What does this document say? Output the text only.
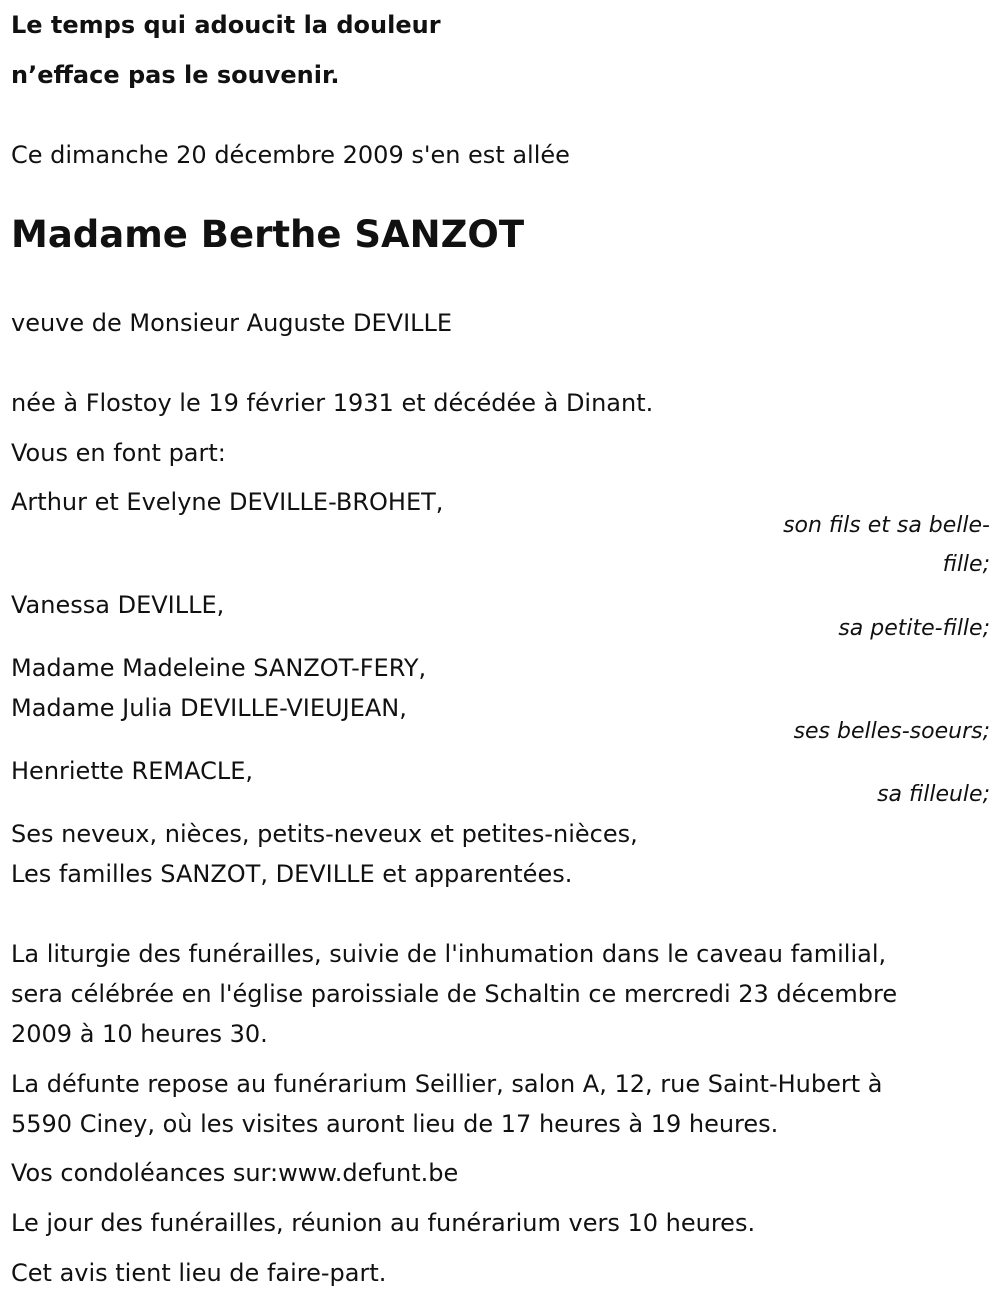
Le temps qui adoucit la douleur
n’efface pas le souvenir.
Ce dimanche 20 décembre 2009 s'en est allée
Madame Berthe SANZOT
veuve de Monsieur Auguste DEVILLE
née à Flostoy le 19 février 1931 et décédée à Dinant.
Vous en font part:
Arthur et Evelyne DEVILLE-BROHET,
son fils et sa belle-
fille;
Vanessa DEVILLE,
sa petite-fille;
Madame Madeleine SANZOT-FERY,
Madame Julia DEVILLE-VIEUJEAN,
ses belles-soeurs;
Henriette REMACLE,
sa filleule;
Ses neveux, nièces, petits-neveux et petites-nièces,
Les familles SANZOT, DEVILLE et apparentées.
La liturgie des funérailles, suivie de l'inhumation dans le caveau familial,
sera célébrée en l'église paroissiale de Schaltin ce mercredi 23 décembre
2009 à 10 heures 30.
La défunte repose au funérarium Seillier, salon A, 12, rue Saint-Hubert à
5590 Ciney, où les visites auront lieu de 17 heures à 19 heures.
Vos condoléances sur:www.defunt.be
Le jour des funérailles, réunion au funérarium vers 10 heures.
Cet avis tient lieu de faire-part.
